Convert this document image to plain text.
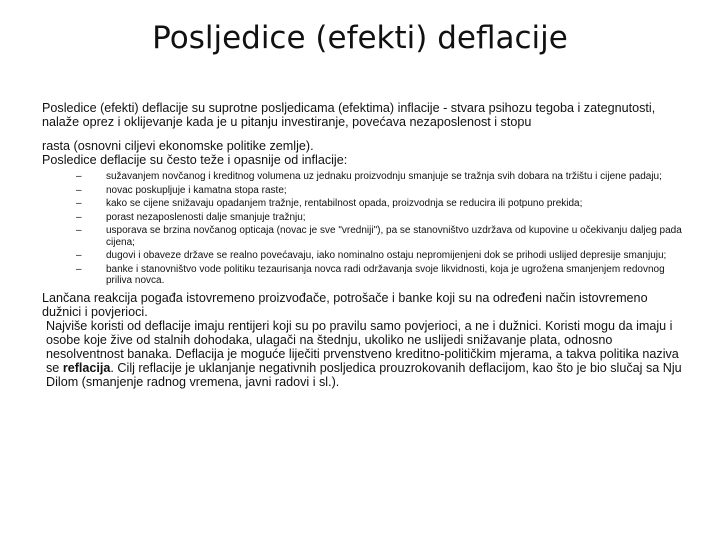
Posljedice (efekti) deflacije

Posledice (efekti) deflacije su suprotne posljedicama (efektima) inflacije - stvara psihozu tegoba i zategnutosti, nalaže oprez i oklijevanje kada je u pitanju investiranje, povećava nezaposlenost i stopu

rasta (osnovni ciljevi ekonomske politike zemlje).

Posledice deflacije su često teže i opasnije od inflacije:

–	sužavanjem novčanog i kreditnog volumena uz jednaku proizvodnju smanjuje se tražnja svih dobara na tržištu i cijene padaju;
–	novac poskupljuje i kamatna stopa raste;
–	kako se cijene snižavaju opadanjem tražnje, rentabilnost opada, proizvodnja se reducira ili potpuno prekida;
–	porast nezaposlenosti dalje smanjuje tražnju;
–	usporava se brzina novčanog opticaja (novac je sve "vredniji"), pa se stanovništvo uzdržava od kupovine u očekivanju daljeg pada cijena;
–	dugovi i obaveze države se realno povećavaju, iako nominalno ostaju nepromijenjeni dok se prihodi uslijed depresije smanjuju;
–	banke i stanovništvo vode politiku tezaurisanja novca radi održavanja svoje likvidnosti, koja je ugrožena smanjenjem redovnog priliva novca.

Lančana reakcija pogađa istovremeno proizvođače, potrošače i banke koji su na određeni način istovremeno dužnici i povjerioci.

Najviše koristi od deflacije imaju rentijeri koji su po pravilu samo povjerioci, a ne i dužnici. Koristi mogu da imaju i osobe koje žive od stalnih dohodaka, ulagači na štednju, ukoliko ne uslijedi snižavanje plata, odnosno nesolventnost banaka. Deflacija je moguće liječiti prvenstveno kreditno-političkim mjerama, a takva politika naziva se reflacija. Cilj reflacije je uklanjanje negativnih posljedica prouzrokovanih deflacijom, kao što je bio slučaj sa Nju Dilom (smanjenje radnog vremena, javni radovi i sl.).
